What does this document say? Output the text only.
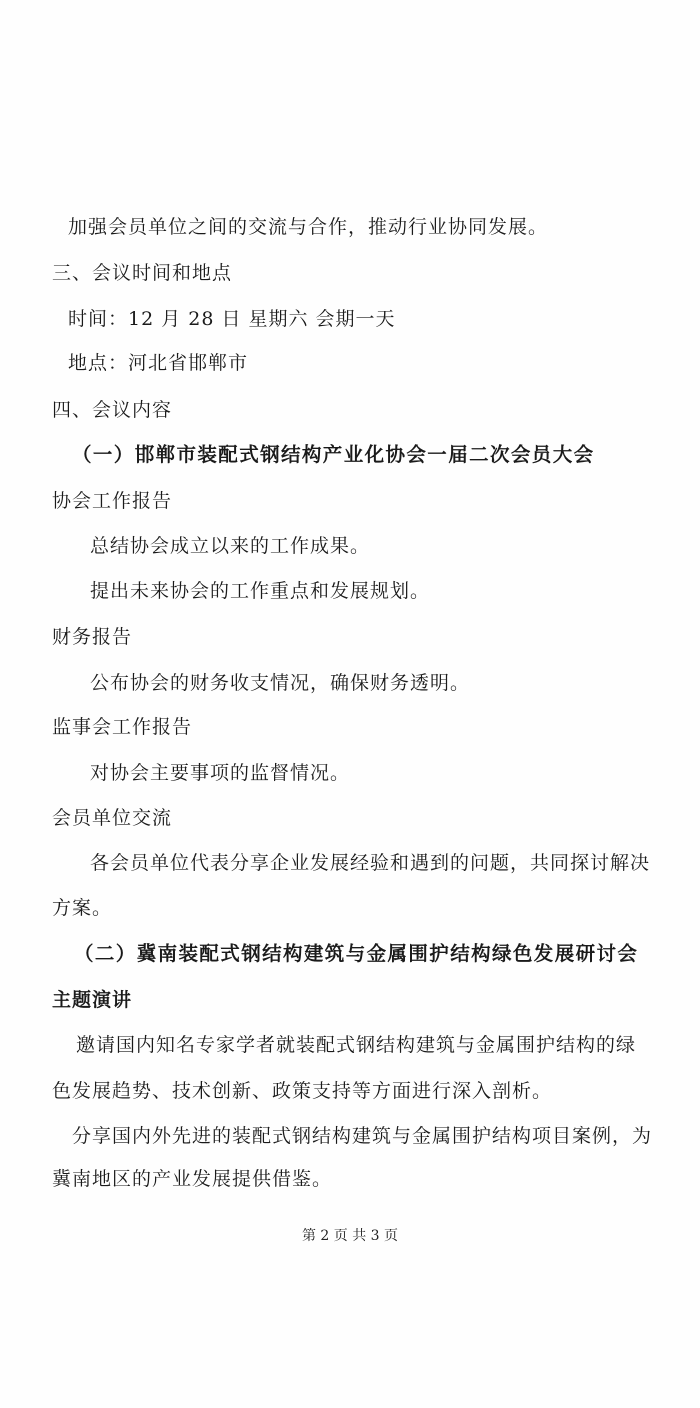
加强会员单位之间的交流与合作，推动行业协同发展。
三、会议时间和地点
时间：12 月 28 日 星期六 会期一天
地点：河北省邯郸市
四、会议内容
（一）邯郸市装配式钢结构产业化协会一届二次会员大会
协会工作报告
总结协会成立以来的工作成果。
提出未来协会的工作重点和发展规划。
财务报告
公布协会的财务收支情况，确保财务透明。
监事会工作报告
对协会主要事项的监督情况。
会员单位交流
各会员单位代表分享企业发展经验和遇到的问题，共同探讨解决
方案。
（二）冀南装配式钢结构建筑与金属围护结构绿色发展研讨会
主题演讲
邀请国内知名专家学者就装配式钢结构建筑与金属围护结构的绿
色发展趋势、技术创新、政策支持等方面进行深入剖析。
分享国内外先进的装配式钢结构建筑与金属围护结构项目案例，为
冀南地区的产业发展提供借鉴。
第 2 页 共 3 页
